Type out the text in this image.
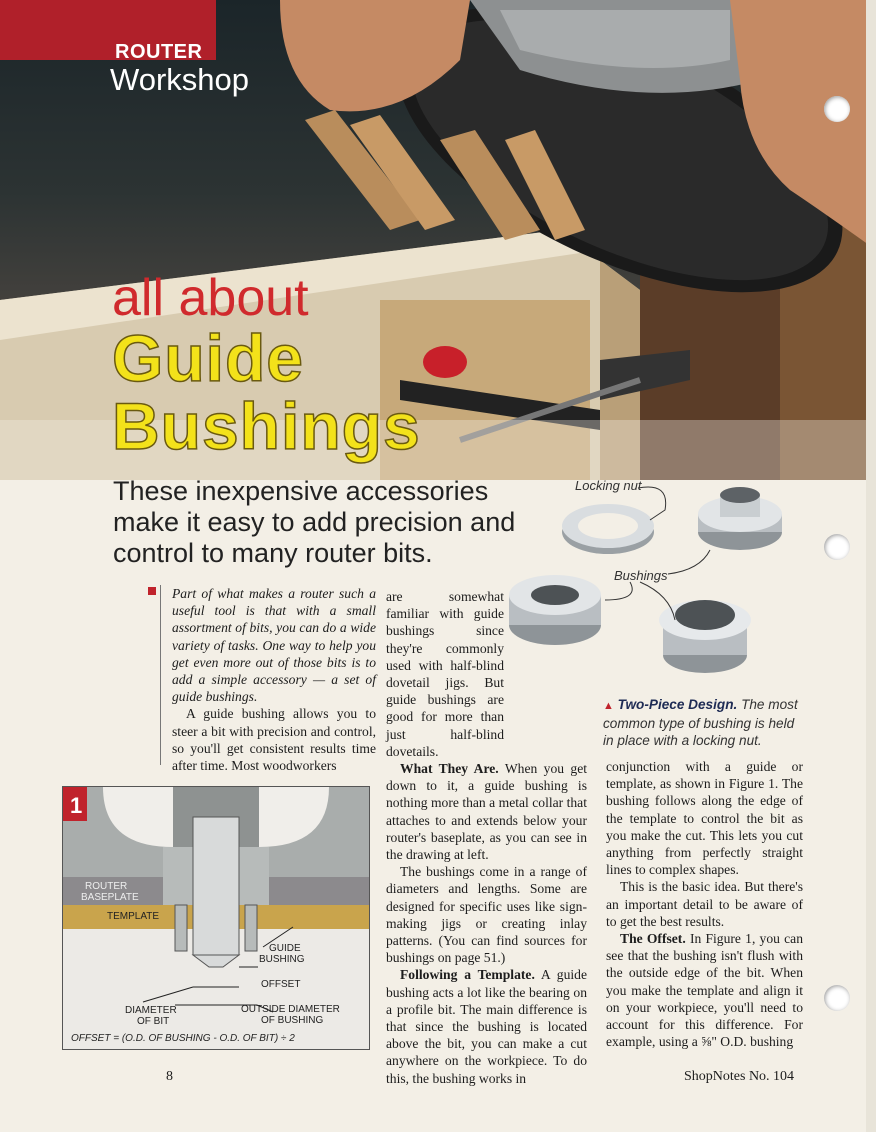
ROUTER
Workshop
all about
Guide
Bushings
These inexpensive accessories make it easy to add precision and control to many router bits.
Locking nut
Bushings

Part of what makes a router such a useful tool is that with a small assortment of bits, you can do a wide variety of tasks. One way to help you get even more out of those bits is to add a simple accessory — a set of guide bushings.

A guide bushing allows you to steer a bit with precision and control, so you'll get consistent results time after time. Most woodworkers

are somewhat familiar with guide bushings since they're commonly used with half-blind dovetail jigs. But guide bushings are good for more than just half-blind dovetails.

What They Are. When you get down to it, a guide bushing is nothing more than a metal collar that attaches to and extends below your router's baseplate, as you can see in the drawing at left.

The bushings come in a range of diameters and lengths. Some are designed for specific uses like sign-making jigs or creating inlay patterns. (You can find sources for bushings on page 51.)

Following a Template. A guide bushing acts a lot like the bearing on a profile bit. The main difference is that since the bushing is located above the bit, you can make a cut anywhere on the workpiece. To do this, the bushing works in

▲ Two-Piece Design. The most common type of bushing is held in place with a locking nut.

conjunction with a guide or template, as shown in Figure 1. The bushing follows along the edge of the template to control the bit as you make the cut. This lets you cut anything from perfectly straight lines to complex shapes.

This is the basic idea. But there's an important detail to be aware of to get the best results.

The Offset. In Figure 1, you can see that the bushing isn't flush with the outside edge of the bit. When you make the template and align it on your workpiece, you'll need to account for this difference. For example, using a ⅝" O.D. bushing

1
ROUTER
BASEPLATE
TEMPLATE
GUIDE
BUSHING
OFFSET
DIAMETER
OF BIT
OUTSIDE DIAMETER
OF BUSHING
OFFSET = (O.D. OF BUSHING - O.D. OF BIT) ÷ 2
8	ShopNotes No. 104
